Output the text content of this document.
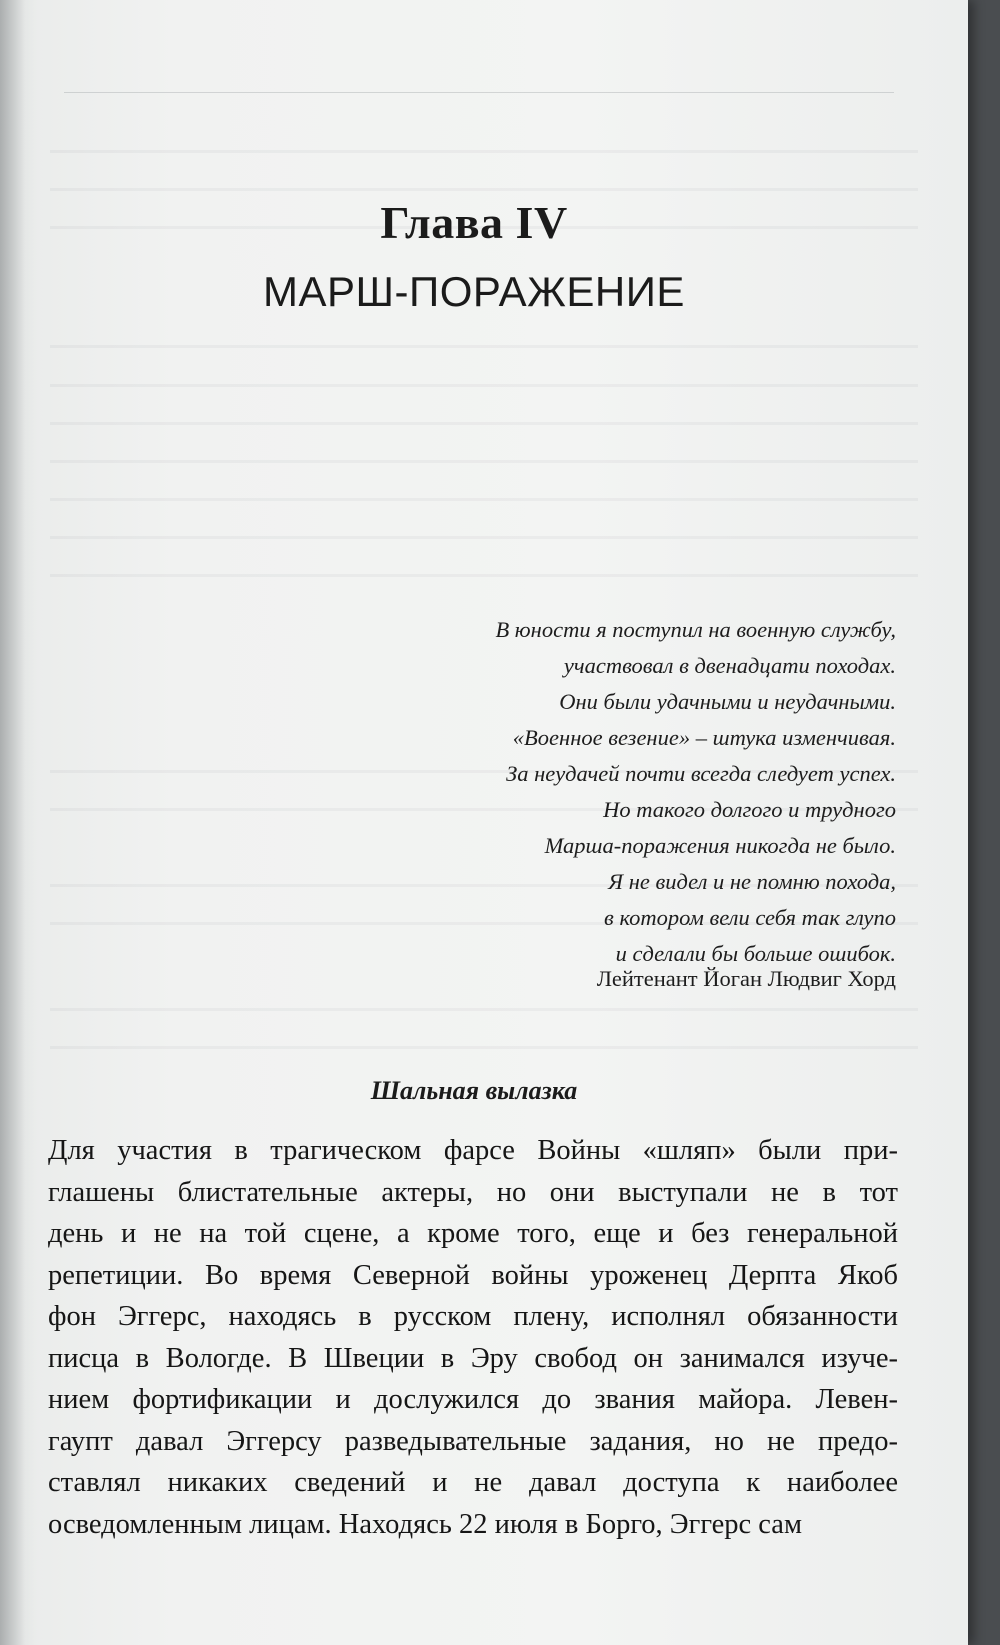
Глава IV
МАРШ-ПОРАЖЕНИЕ
В юности я поступил на военную службу,
участвовал в двенадцати походах.
Они были удачными и неудачными.
«Военное везение» – штука изменчивая.
За неудачей почти всегда следует успех.
Но такого долгого и трудного
Марша-поражения никогда не было.
Я не видел и не помню похода,
в котором вели себя так глупо
и сделали бы больше ошибок.
Лейтенант Йоган Людвиг Хорд
Шальная вылазка
Для участия в трагическом фарсе Войны «шляп» были при-
глашены блистательные актеры, но они выступали не в тот
день и не на той сцене, а кроме того, еще и без генеральной
репетиции. Во время Северной войны уроженец Дерпта Якоб
фон Эггерс, находясь в русском плену, исполнял обязанности
писца в Вологде. В Швеции в Эру свобод он занимался изуче-
нием фортификации и дослужился до звания майора. Левен-
гаупт давал Эггерсу разведывательные задания, но не предо-
ставлял никаких сведений и не давал доступа к наиболее
осведомленным лицам. Находясь 22 июля в Борго, Эггерс сам
